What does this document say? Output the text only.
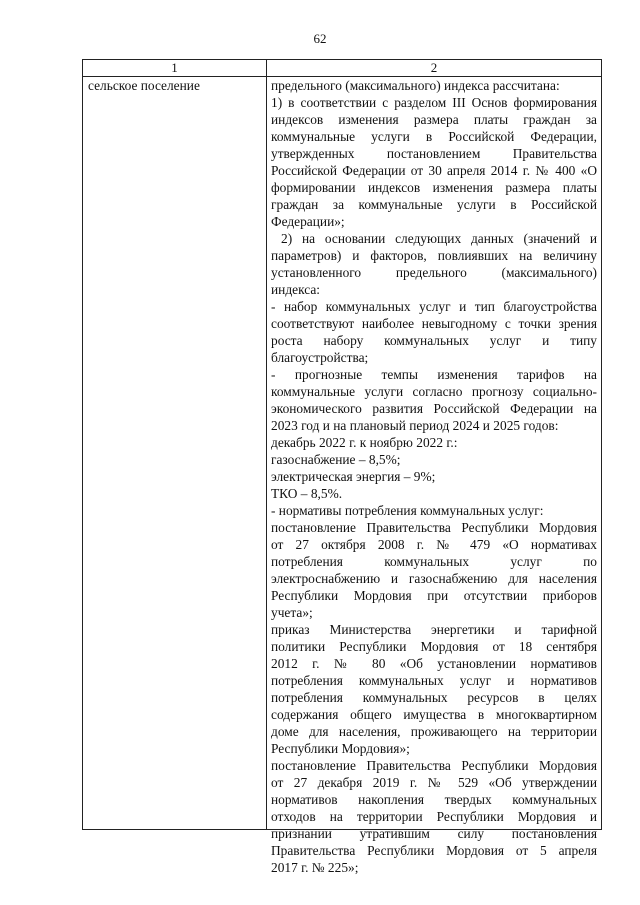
62
1	2
сельское поселение	предельного (максимального) индекса рассчитана:
1) в соответствии с разделом III Основ формирования
индексов изменения размера платы граждан за
коммунальные услуги в Российской Федерации,
утвержденных постановлением Правительства
Российской Федерации от 30 апреля 2014 г. № 400 «О
формировании индексов изменения размера платы
граждан за коммунальные услуги в Российской
Федерации»;
2) на основании следующих данных (значений и
параметров) и факторов, повлиявших на величину
установленного предельного (максимального)
индекса:
- набор коммунальных услуг и тип благоустройства
соответствуют наиболее невыгодному с точки зрения
роста набору коммунальных услуг и типу
благоустройства;
- прогнозные темпы изменения тарифов на
коммунальные услуги согласно прогнозу социально-
экономического развития Российской Федерации на
2023 год и на плановый период 2024 и 2025 годов:
декабрь 2022 г. к ноябрю 2022 г.:
газоснабжение – 8,5%;
электрическая энергия – 9%;
ТКО – 8,5%.
- нормативы потребления коммунальных услуг:
постановление Правительства Республики Мордовия
от 27 октября 2008 г. № 479 «О нормативах
потребления коммунальных услуг по
электроснабжению и газоснабжению для населения
Республики Мордовия при отсутствии приборов
учета»;
приказ Министерства энергетики и тарифной
политики Республики Мордовия от 18 сентября
2012 г. № 80 «Об установлении нормативов
потребления коммунальных услуг и нормативов
потребления коммунальных ресурсов в целях
содержания общего имущества в многоквартирном
доме для населения, проживающего на территории
Республики Мордовия»;
постановление Правительства Республики Мордовия
от 27 декабря 2019 г. № 529 «Об утверждении
нормативов накопления твердых коммунальных
отходов на территории Республики Мордовия и
признании утратившим силу постановления
Правительства Республики Мордовия от 5 апреля
2017 г. № 225»;
